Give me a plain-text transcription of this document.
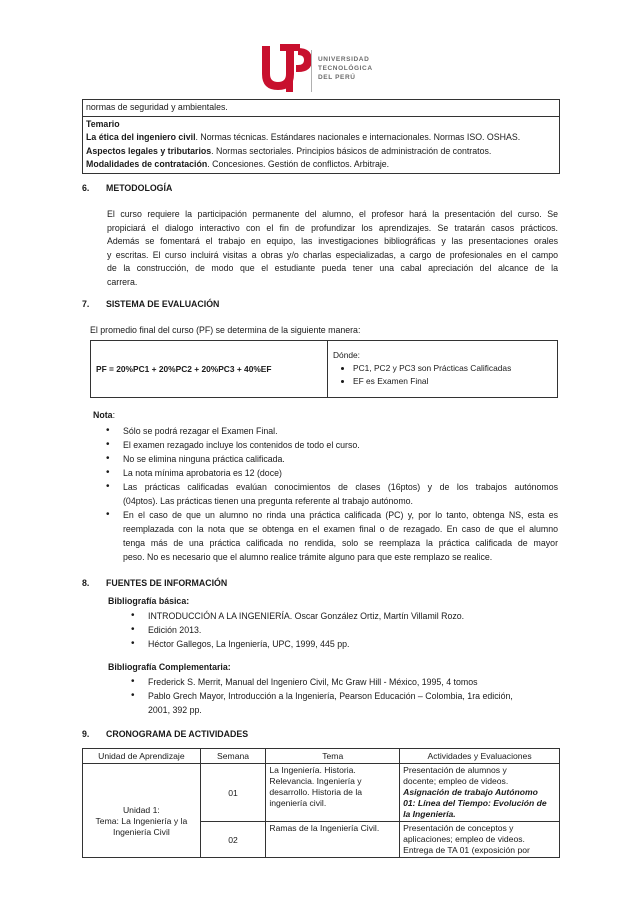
UNIVERSIDAD
TECNOLÓGICA
DEL PERÚ
normas de seguridad y ambientales.

Temario
La ética del ingeniero civil. Normas técnicas. Estándares nacionales e internacionales. Normas ISO. OSHAS.
Aspectos legales y tributarios. Normas sectoriales. Principios básicos de administración de contratos.
Modalidades de contratación. Concesiones. Gestión de conflictos. Arbitraje.
6. METODOLOGÍA
El curso requiere la participación permanente del alumno, el profesor hará la presentación del curso. Se
propiciará el dialogo interactivo con el fin de profundizar los aprendizajes. Se tratarán casos prácticos.
Además se fomentará el trabajo en equipo, las investigaciones bibliográficas y las presentaciones orales
y escritas. El curso incluirá visitas a obras y/o charlas especializadas, a cargo de profesionales en el campo
de la construcción, de modo que el estudiante pueda tener una cabal apreciación del alcance de la
carrera.
7. SISTEMA DE EVALUACIÓN
El promedio final del curso (PF) se determina de la siguiente manera:
PF = 20%PC1 + 20%PC2 + 20%PC3 + 40%EF	
Dónde:
• PC1, PC2 y PC3 son Prácticas Calificadas
• EF es Examen Final
Nota:
• Sólo se podrá rezagar el Examen Final.
• El examen rezagado incluye los contenidos de todo el curso.
• No se elimina ninguna práctica calificada.
• La nota mínima aprobatoria es 12 (doce)
• Las prácticas calificadas evalúan conocimientos de clases (16ptos) y de los trabajos autónomos
(04ptos). Las prácticas tienen una pregunta referente al trabajo autónomo.
• En el caso de que un alumno no rinda una práctica calificada (PC) y, por lo tanto, obtenga NS, esta es
reemplazada con la nota que se obtenga en el examen final o de rezagado. En caso de que el alumno
tenga más de una práctica calificada no rendida, solo se reemplaza la práctica calificada de mayor
peso. No es necesario que el alumno realice trámite alguno para que este remplazo se realice.
8. FUENTES DE INFORMACIÓN
Bibliografía básica:
• INTRODUCCIÓN A LA INGENIERÍA. Oscar González Ortiz, Martín Villamil Rozo.
• Edición 2013.
• Héctor Gallegos, La Ingeniería, UPC, 1999, 445 pp.
Bibliografía Complementaria:
• Frederick S. Merrit, Manual del Ingeniero Civil, Mc Graw Hill - México, 1995, 4 tomos
• Pablo Grech Mayor, Introducción a la Ingeniería, Pearson Educación – Colombia, 1ra edición,
2001, 392 pp.
9. CRONOGRAMA DE ACTIVIDADES
Unidad de Aprendizaje	Semana	Tema	Actividades y Evaluaciones

Unidad 1:
Tema: La Ingeniería y la
Ingeniería Civil	01	La Ingeniería. Historia.
Relevancia. Ingeniería y
desarrollo. Historia de la
ingeniería civil.	Presentación de alumnos y
docente; empleo de videos.
Asignación de trabajo Autónomo
01: Línea del Tiempo: Evolución de
la Ingeniería.

	02	Ramas de la Ingeniería Civil.	Presentación de conceptos y
aplicaciones; empleo de videos.
Entrega de TA 01 (exposición por
